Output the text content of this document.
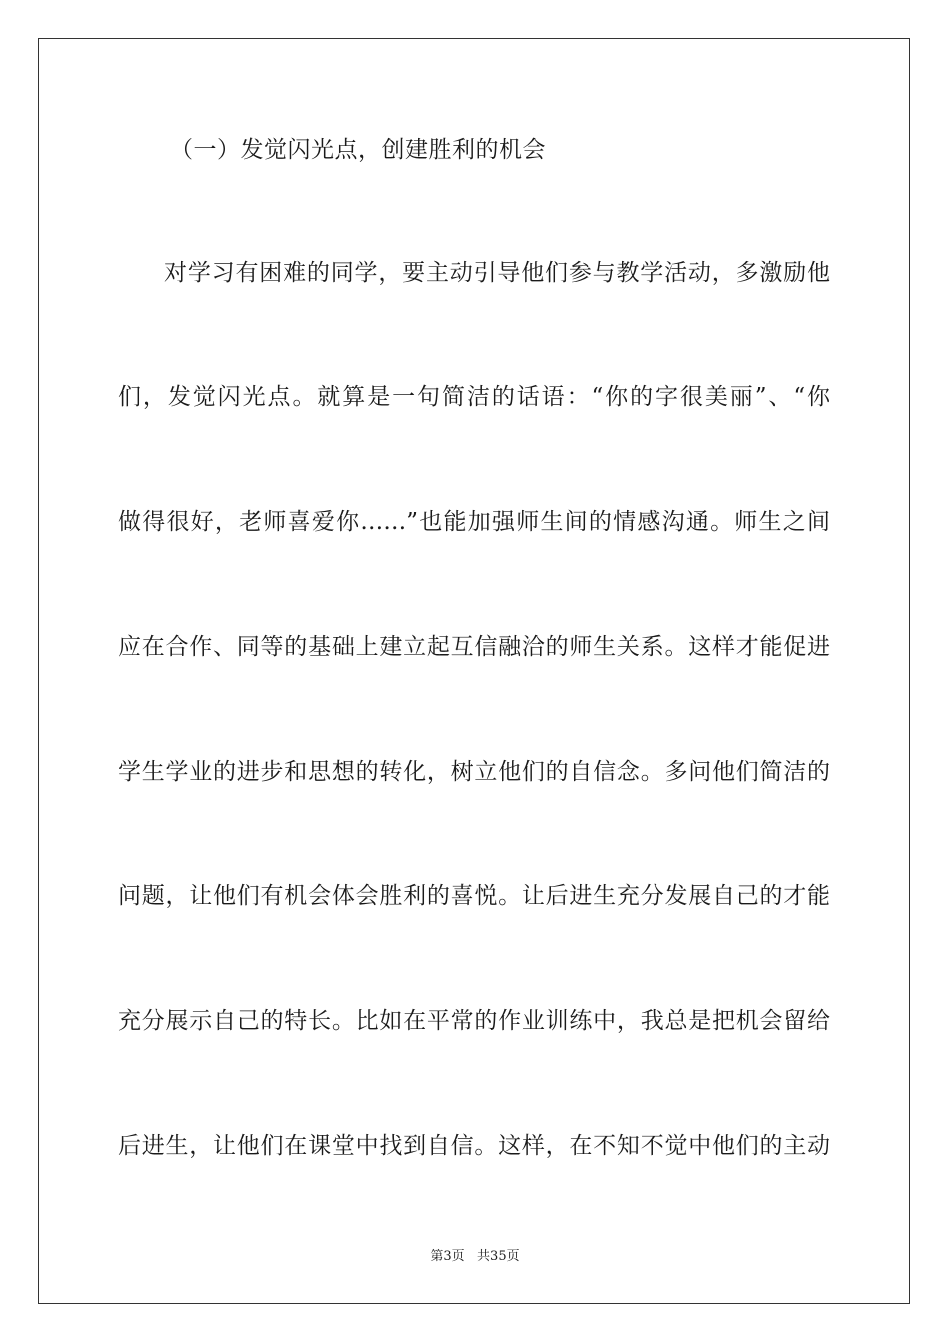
（一）发觉闪光点，创建胜利的机会
对学习有困难的同学，要主动引导他们参与教学活动，多激励他
们，发觉闪光点。就算是一句简洁的话语：“你的字很美丽”、“你
做得很好，老师喜爱你……”也能加强师生间的情感沟通。师生之间
应在合作、同等的基础上建立起互信融洽的师生关系。这样才能促进
学生学业的进步和思想的转化，树立他们的自信念。多问他们简洁的
问题，让他们有机会体会胜利的喜悦。让后进生充分发展自己的才能
充分展示自己的特长。比如在平常的作业训练中，我总是把机会留给
后进生，让他们在课堂中找到自信。这样，在不知不觉中他们的主动
第3页   共35页
